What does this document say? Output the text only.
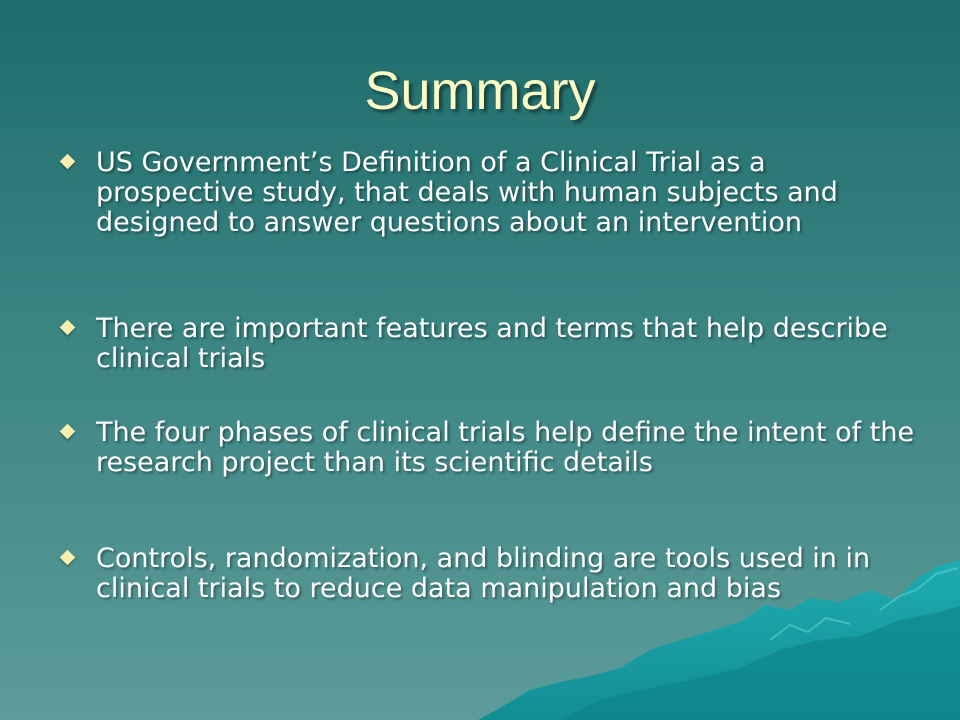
Summary
US Government’s Definition of a Clinical Trial as a prospective study, that deals with human subjects and designed to answer questions about an intervention
There are important features and terms that help describe clinical trials
The four phases of clinical trials help define the intent of the research project than its scientific details
Controls, randomization, and blinding are tools used in in clinical trials to reduce data manipulation and bias
